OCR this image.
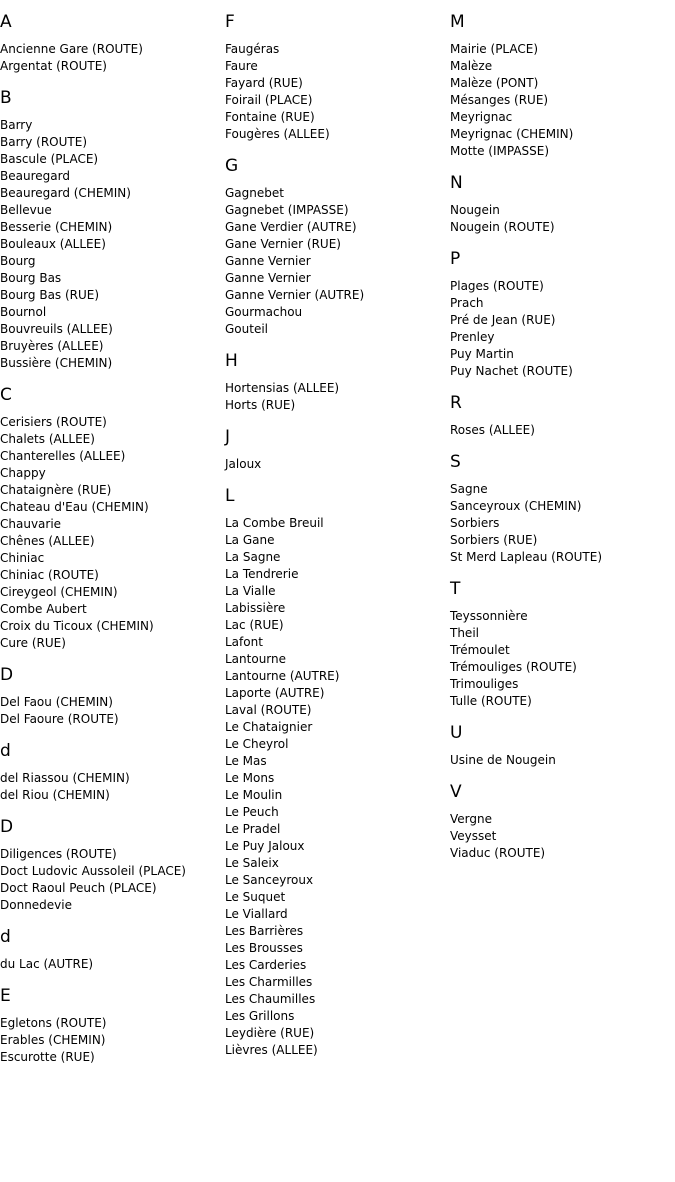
A
Ancienne Gare (ROUTE)
Argentat (ROUTE)
B
Barry
Barry (ROUTE)
Bascule (PLACE)
Beauregard
Beauregard (CHEMIN)
Bellevue
Besserie (CHEMIN)
Bouleaux (ALLEE)
Bourg
Bourg Bas
Bourg Bas (RUE)
Bournol
Bouvreuils (ALLEE)
Bruyères (ALLEE)
Bussière (CHEMIN)
C
Cerisiers (ROUTE)
Chalets (ALLEE)
Chanterelles (ALLEE)
Chappy
Chataignère (RUE)
Chateau d'Eau (CHEMIN)
Chauvarie
Chênes (ALLEE)
Chiniac
Chiniac (ROUTE)
Cireygeol (CHEMIN)
Combe Aubert
Croix du Ticoux (CHEMIN)
Cure (RUE)
D
Del Faou (CHEMIN)
Del Faoure (ROUTE)
d
del Riassou (CHEMIN)
del Riou (CHEMIN)
D
Diligences (ROUTE)
Doct Ludovic Aussoleil (PLACE)
Doct Raoul Peuch (PLACE)
Donnedevie
d
du Lac (AUTRE)
E
Egletons (ROUTE)
Erables (CHEMIN)
Escurotte (RUE)
F
Faugéras
Faure
Fayard (RUE)
Foirail (PLACE)
Fontaine (RUE)
Fougères (ALLEE)
G
Gagnebet
Gagnebet (IMPASSE)
Gane Verdier (AUTRE)
Gane Vernier (RUE)
Ganne Vernier
Ganne Vernier
Ganne Vernier (AUTRE)
Gourmachou
Gouteil
H
Hortensias (ALLEE)
Horts (RUE)
J
Jaloux
L
La Combe Breuil
La Gane
La Sagne
La Tendrerie
La Vialle
Labissière
Lac (RUE)
Lafont
Lantourne
Lantourne (AUTRE)
Laporte (AUTRE)
Laval (ROUTE)
Le Chataignier
Le Cheyrol
Le Mas
Le Mons
Le Moulin
Le Peuch
Le Pradel
Le Puy Jaloux
Le Saleix
Le Sanceyroux
Le Suquet
Le Viallard
Les Barrières
Les Brousses
Les Carderies
Les Charmilles
Les Chaumilles
Les Grillons
Leydière (RUE)
Lièvres (ALLEE)
M
Mairie (PLACE)
Malèze
Malèze (PONT)
Mésanges (RUE)
Meyrignac
Meyrignac (CHEMIN)
Motte (IMPASSE)
N
Nougein
Nougein (ROUTE)
P
Plages (ROUTE)
Prach
Pré de Jean (RUE)
Prenley
Puy Martin
Puy Nachet (ROUTE)
R
Roses (ALLEE)
S
Sagne
Sanceyroux (CHEMIN)
Sorbiers
Sorbiers (RUE)
St Merd Lapleau (ROUTE)
T
Teyssonnière
Theil
Trémoulet
Trémouliges (ROUTE)
Trimouliges
Tulle (ROUTE)
U
Usine de Nougein
V
Vergne
Veysset
Viaduc (ROUTE)
